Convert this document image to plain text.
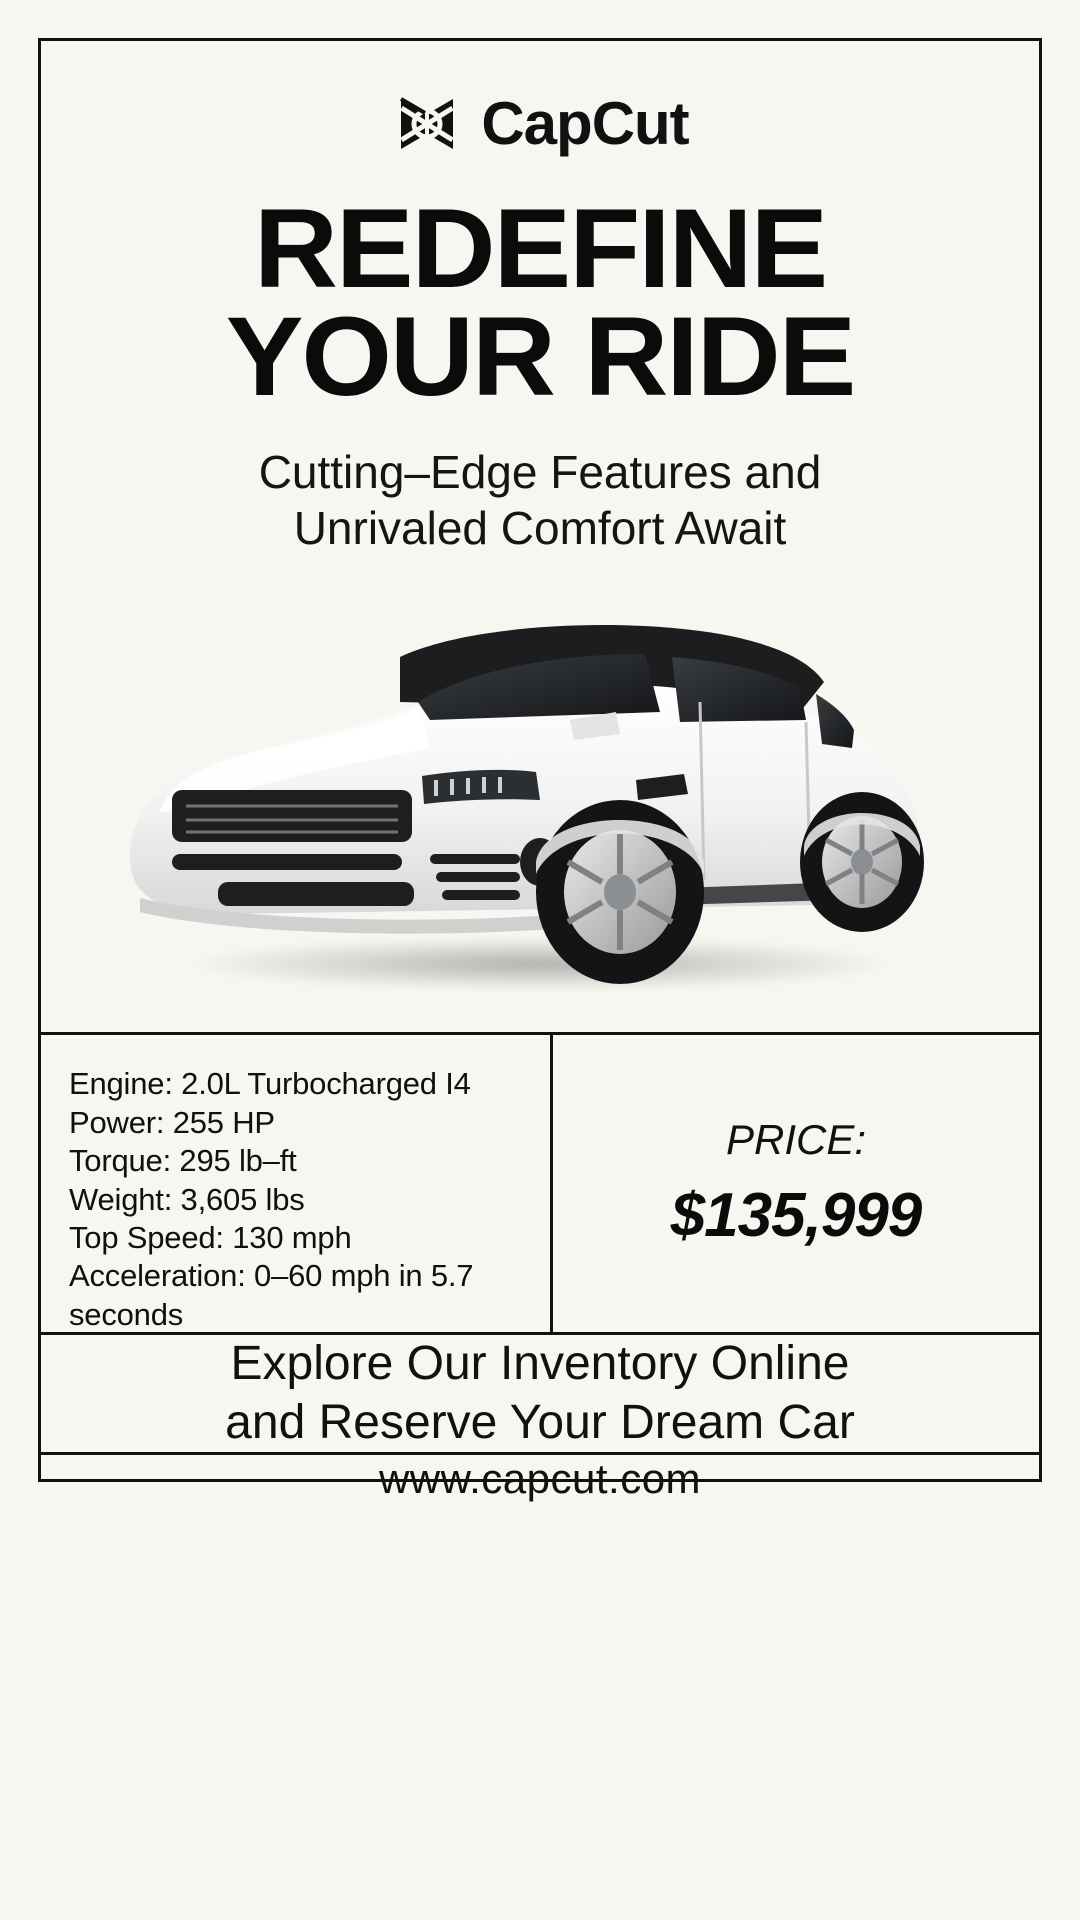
CapCut
REDEFINE
YOUR RIDE
Cutting–Edge Features and
Unrivaled Comfort Await
Engine: 2.0L Turbocharged I4
Power: 255 HP
Torque: 295 lb–ft
Weight: 3,605 lbs
Top Speed: 130 mph
Acceleration: 0–60 mph in 5.7 seconds
PRICE:
$135,999
Explore Our Inventory Online
and Reserve Your Dream Car
www.capcut.com
